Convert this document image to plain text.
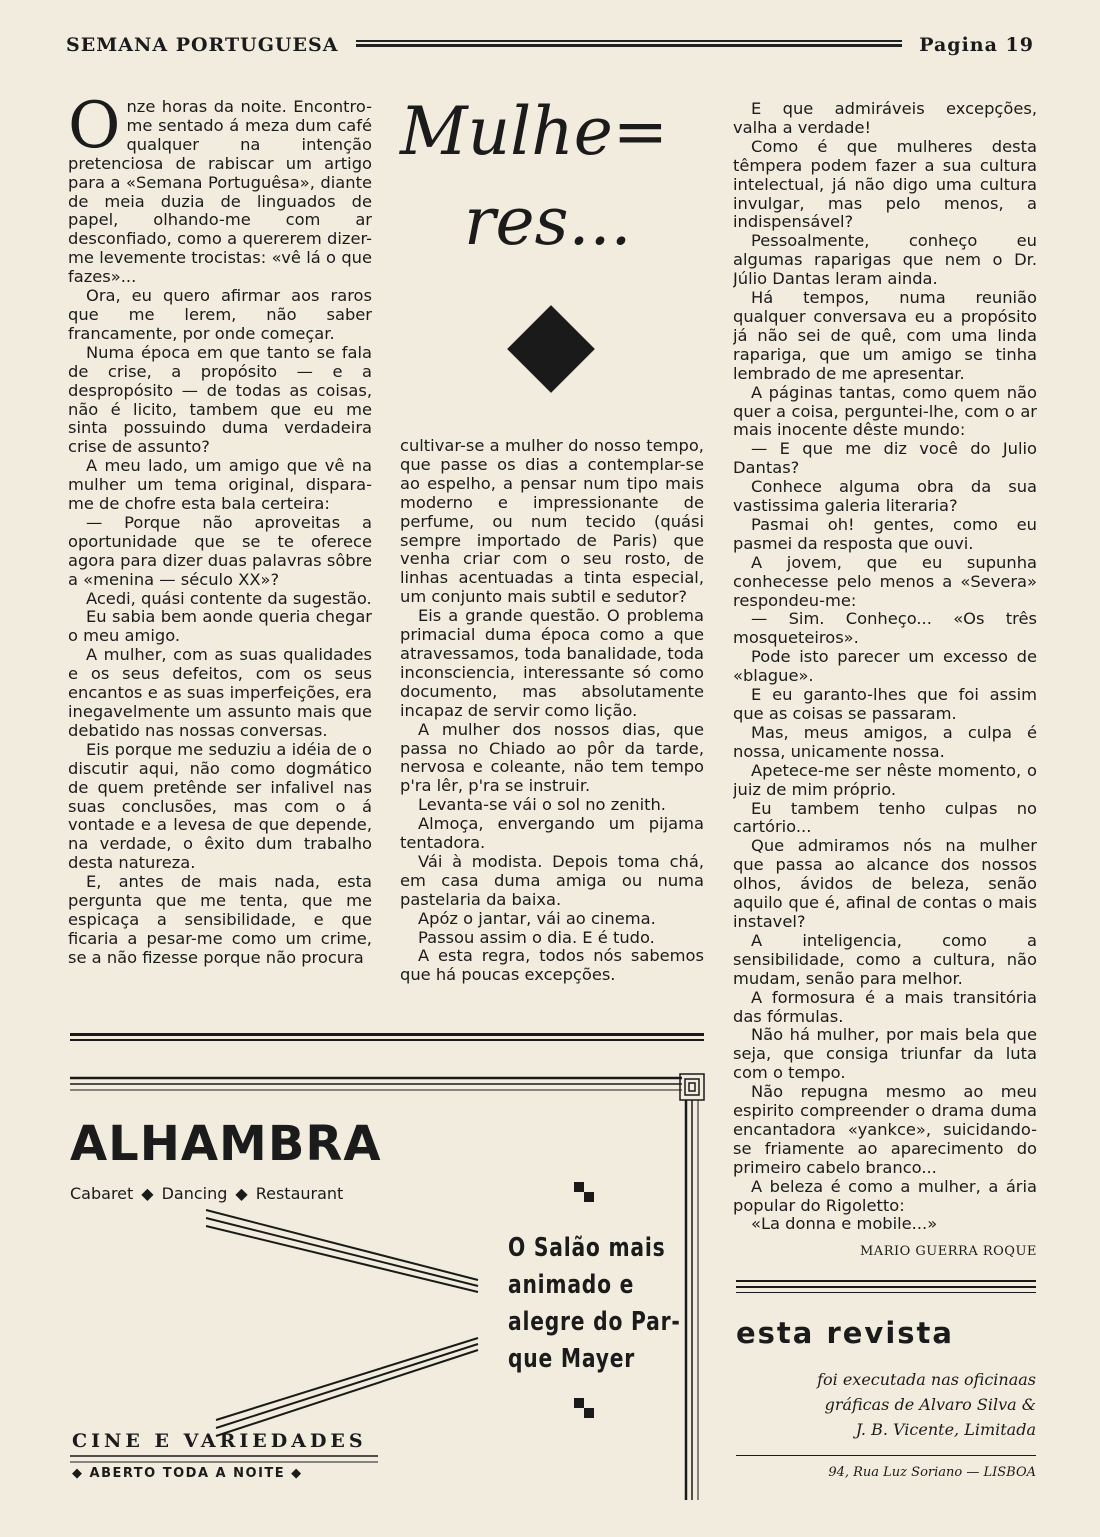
SEMANA PORTUGUESA	Pagina 19

Onze horas da noite. Encontro-me sentado á meza dum café qualquer na intenção pretenciosa de rabiscar um artigo para a «Semana Portuguêsa», diante de meia duzia de linguados de papel, olhando-me com ar desconfiado, como a quererem dizer-me levemente trocistas: «vê lá o que fazes»...

Ora, eu quero afirmar aos raros que me lerem, não saber francamente, por onde começar.

Numa época em que tanto se fala de crise, a propósito — e a despropósito — de todas as coisas, não é licito, tambem que eu me sinta possuindo duma verdadeira crise de assunto?

A meu lado, um amigo que vê na mulher um tema original, dispara-me de chofre esta bala certeira:

— Porque não aproveitas a oportunidade que se te oferece agora para dizer duas palavras sôbre a «menina — século XX»?

Acedi, quási contente da sugestão.

Eu sabia bem aonde queria chegar o meu amigo.

A mulher, com as suas qualidades e os seus defeitos, com os seus encantos e as suas imperfeições, era inegavelmente um assunto mais que debatido nas nossas conversas.

Eis porque me seduziu a idéia de o discutir aqui, não como dogmático de quem pretênde ser infalivel nas suas conclusões, mas com o á vontade e a levesa de que depende, na verdade, o êxito dum trabalho desta natureza.

E, antes de mais nada, esta pergunta que me tenta, que me espicaça a sensibilidade, e que ficaria a pesar-me como um crime, se a não fizesse porque não procura

Mulhe=
res...

cultivar-se a mulher do nosso tempo, que passe os dias a contemplar-se ao espelho, a pensar num tipo mais moderno e impressionante de perfume, ou num tecido (quási sempre importado de Paris) que venha criar com o seu rosto, de linhas acentuadas a tinta especial, um conjunto mais subtil e sedutor?

Eis a grande questão. O problema primacial duma época como a que atravessamos, toda banalidade, toda inconsciencia, interessante só como documento, mas absolutamente incapaz de servir como lição.

A mulher dos nossos dias, que passa no Chiado ao pôr da tarde, nervosa e coleante, não tem tempo p'ra lêr, p'ra se instruir.

Levanta-se vái o sol no zenith.

Almoça, envergando um pijama tentadora.

Vái à modista. Depois toma chá, em casa duma amiga ou numa pastelaria da baixa.

Apóz o jantar, vái ao cinema.

Passou assim o dia. E é tudo.

A esta regra, todos nós sabemos que há poucas excepções.

E que admiráveis excepções, valha a verdade!

Como é que mulheres desta têmpera podem fazer a sua cultura intelectual, já não digo uma cultura invulgar, mas pelo menos, a indispensável?

Pessoalmente, conheço eu algumas raparigas que nem o Dr. Júlio Dantas leram ainda.

Há tempos, numa reunião qualquer conversava eu a propósito já não sei de quê, com uma linda rapariga, que um amigo se tinha lembrado de me apresentar.

A páginas tantas, como quem não quer a coisa, perguntei-lhe, com o ar mais inocente dêste mundo:

— E que me diz você do Julio Dantas?

Conhece alguma obra da sua vastissima galeria literaria?

Pasmai oh! gentes, como eu pasmei da resposta que ouvi.

A jovem, que eu supunha conhecesse pelo menos a «Severa» respondeu-me:

— Sim. Conheço... «Os três mosqueteiros».

Pode isto parecer um excesso de «blague».

E eu garanto-lhes que foi assim que as coisas se passaram.

Mas, meus amigos, a culpa é nossa, unicamente nossa.

Apetece-me ser nêste momento, o juiz de mim próprio.

Eu tambem tenho culpas no cartório...

Que admiramos nós na mulher que passa ao alcance dos nossos olhos, ávidos de beleza, senão aquilo que é, afinal de contas o mais instavel?

A inteligencia, como a sensibilidade, como a cultura, não mudam, senão para melhor.

A formosura é a mais transitória das fórmulas.

Não há mulher, por mais bela que seja, que consiga triunfar da luta com o tempo.

Não repugna mesmo ao meu espirito compreender o drama duma encantadora «yankce», suicidando-se friamente ao aparecimento do primeiro cabelo branco...

A beleza é como a mulher, a ária popular do Rigoletto:

«La donna e mobile...»

MARIO GUERRA ROQUE
ALHAMBRA
Cabaret ◆ Dancing ◆ Restaurant
O Salão mais
animado e
alegre do Par-
que Mayer
CINE E VARIEDADES
◆ ABERTO TODA A NOITE ◆
esta revista
foi executada nas oficinaas
gráficas de Alvaro Silva &
J. B. Vicente, Limitada
94, Rua Luz Soriano — LISBOA
